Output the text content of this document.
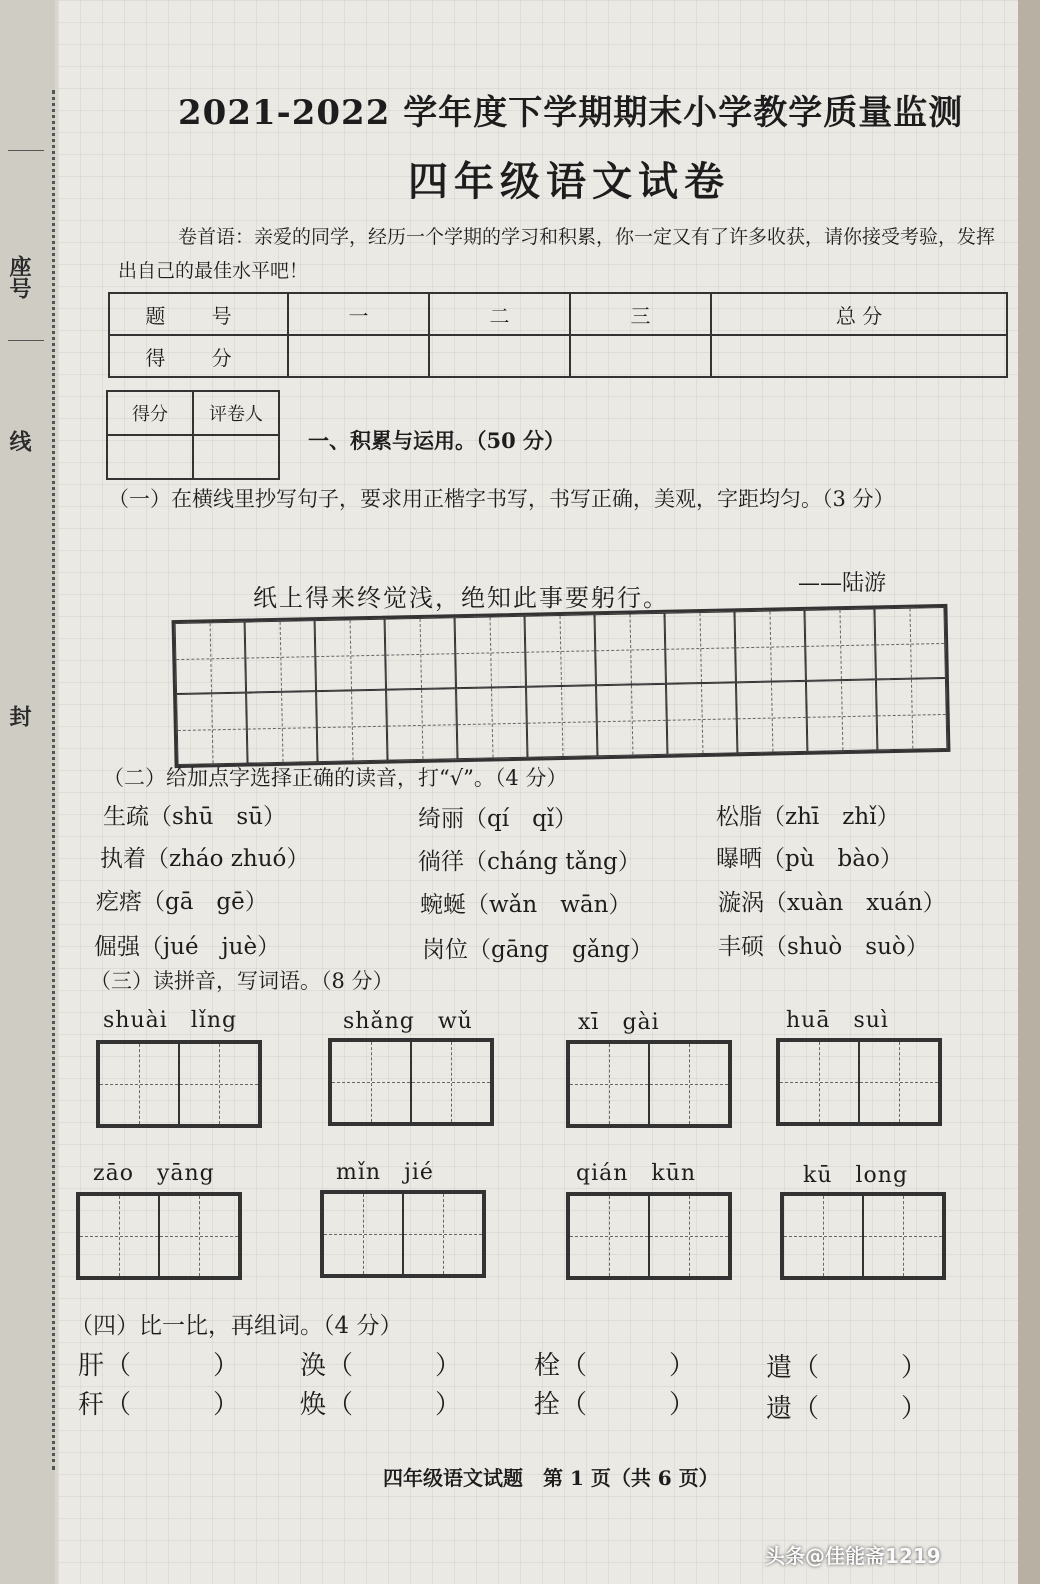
座号
线
封
2021-2022 学年度下学期期末小学教学质量监测
四年级语文试卷
卷首语：亲爱的同学，经历一个学期的学习和积累，你一定又有了许多收获，请你接受考验，发挥出自己的最佳水平吧！
题 号	一	二	三	总 分
得 分				
得分	评卷人

一、积累与运用。（50 分）
（一）在横线里抄写句子，要求用正楷字书写，书写正确，美观，字距均匀。（3 分）
纸上得来终觉浅，绝知此事要躬行。
——陆游
（二）给加点字选择正确的读音，打“√”。（4 分）
生疏（shū　sū）	绮丽（qí　qǐ）	松脂（zhī　zhǐ）
执着（zháo zhuó）	徜徉（cháng tǎng）	曝晒（pù　bào）
疙瘩（gā　gē）	蜿蜒（wǎn　wān）	漩涡（xuàn　xuán）
倔强（jué　juè）	岗位（gāng　gǎng）	丰硕（shuò　suò）
（三）读拼音，写词语。（8 分）
shuài　lǐng	shǎng　wǔ	xī　gài	huā　suì
zāo　yāng	mǐn　jié	qián　kūn	kū　long
（四）比一比，再组词。（4 分）
肝（　　　） 涣（　　　）	栓（　　　）	遣（　　　）
秆（　　　） 焕（　　　）	拴（　　　）	遗（　　　）
四年级语文试题　第 1 页（共 6 页）
头条@佳能斋1219
